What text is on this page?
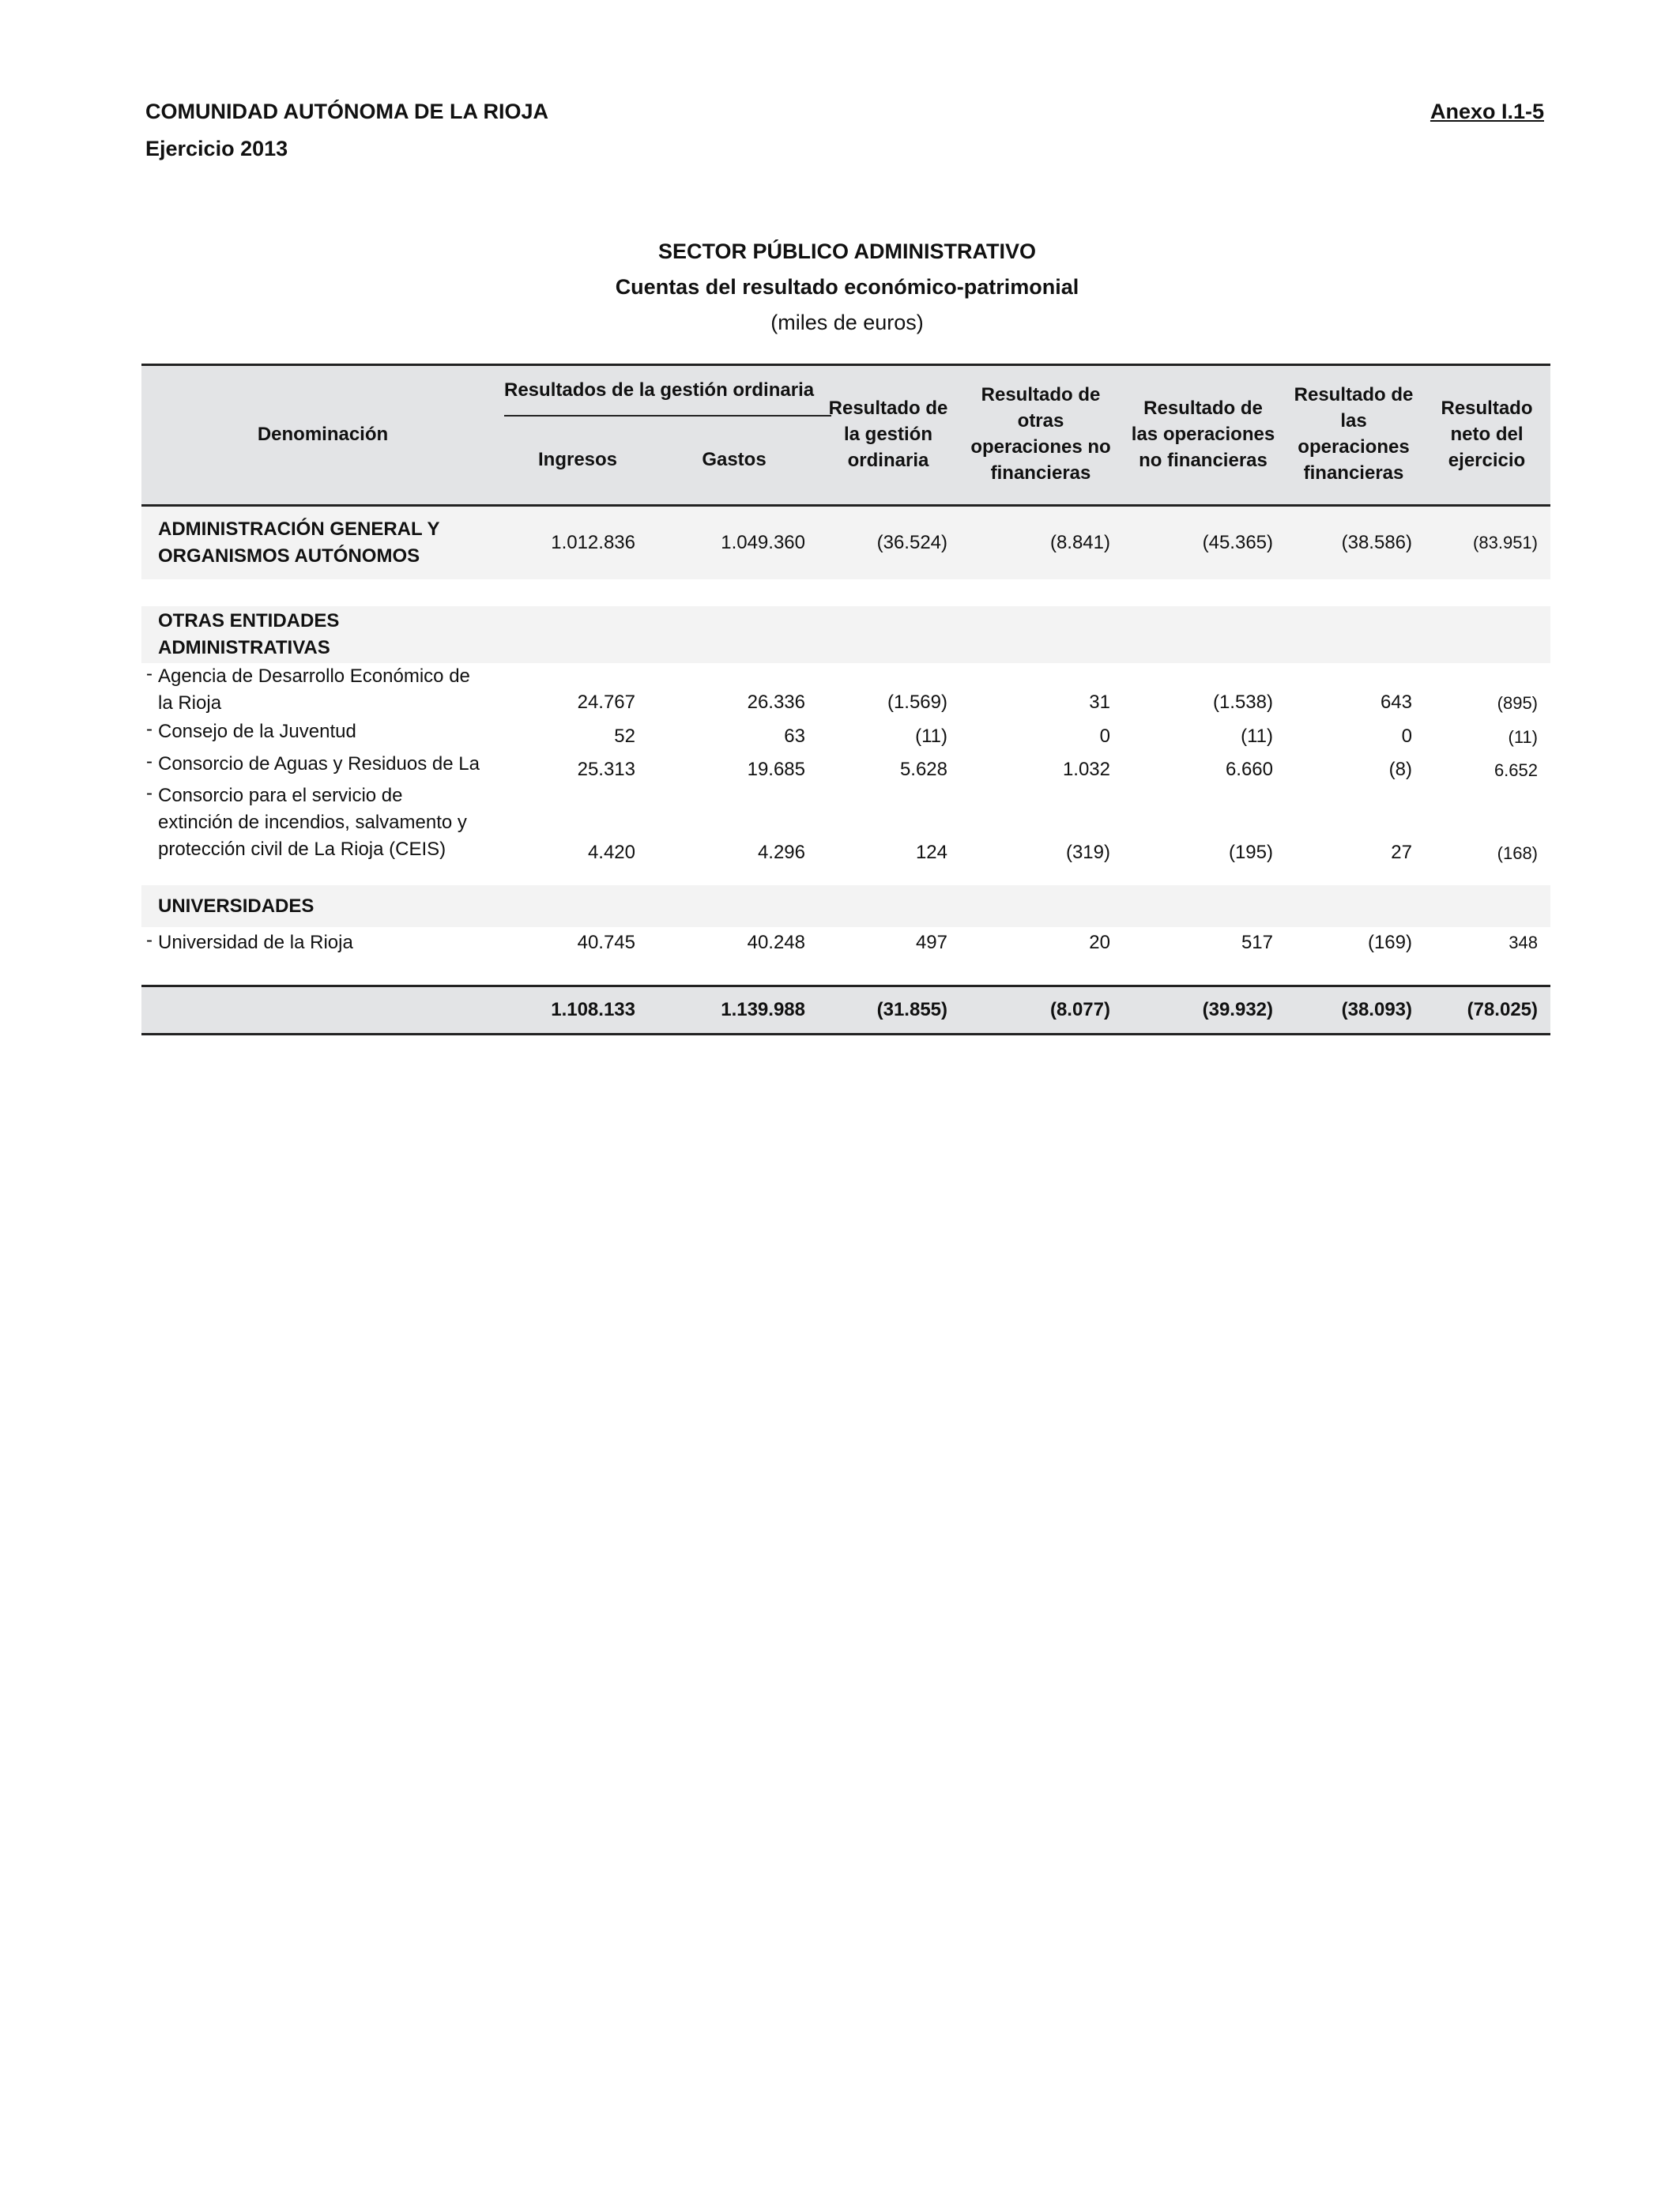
COMUNIDAD AUTÓNOMA DE LA RIOJA
Ejercicio 2013
Anexo I.1-5
SECTOR PÚBLICO ADMINISTRATIVO
Cuentas del resultado económico-patrimonial
(miles de euros)
Denominación
Resultados de la gestión ordinaria
Ingresos	Gastos
Resultado de
la gestión
ordinaria
Resultado de
otras
operaciones no
financieras
Resultado de
las operaciones
no financieras
Resultado de
las
operaciones
financieras
Resultado
neto del
ejercicio
ADMINISTRACIÓN GENERAL Y
ORGANISMOS AUTÓNOMOS
1.012.836	1.049.360	(36.524)	(8.841)	(45.365)	(38.586)	(83.951)
OTRAS ENTIDADES
ADMINISTRATIVAS
- Agencia de Desarrollo Económico de
la Rioja	24.767	26.336	(1.569)	31	(1.538)	643	(895)
- Consejo de la Juventud	52	63	(11)	0	(11)	0	(11)
- Consorcio de Aguas y Residuos de La	25.313	19.685	5.628	1.032	6.660	(8)	6.652
- Consorcio para el servicio de
extinción de incendios, salvamento y
protección civil de La Rioja (CEIS)	4.420	4.296	124	(319)	(195)	27	(168)
UNIVERSIDADES
- Universidad de la Rioja	40.745	40.248	497	20	517	(169)	348
1.108.133	1.139.988	(31.855)	(8.077)	(39.932)	(38.093)	(78.025)
